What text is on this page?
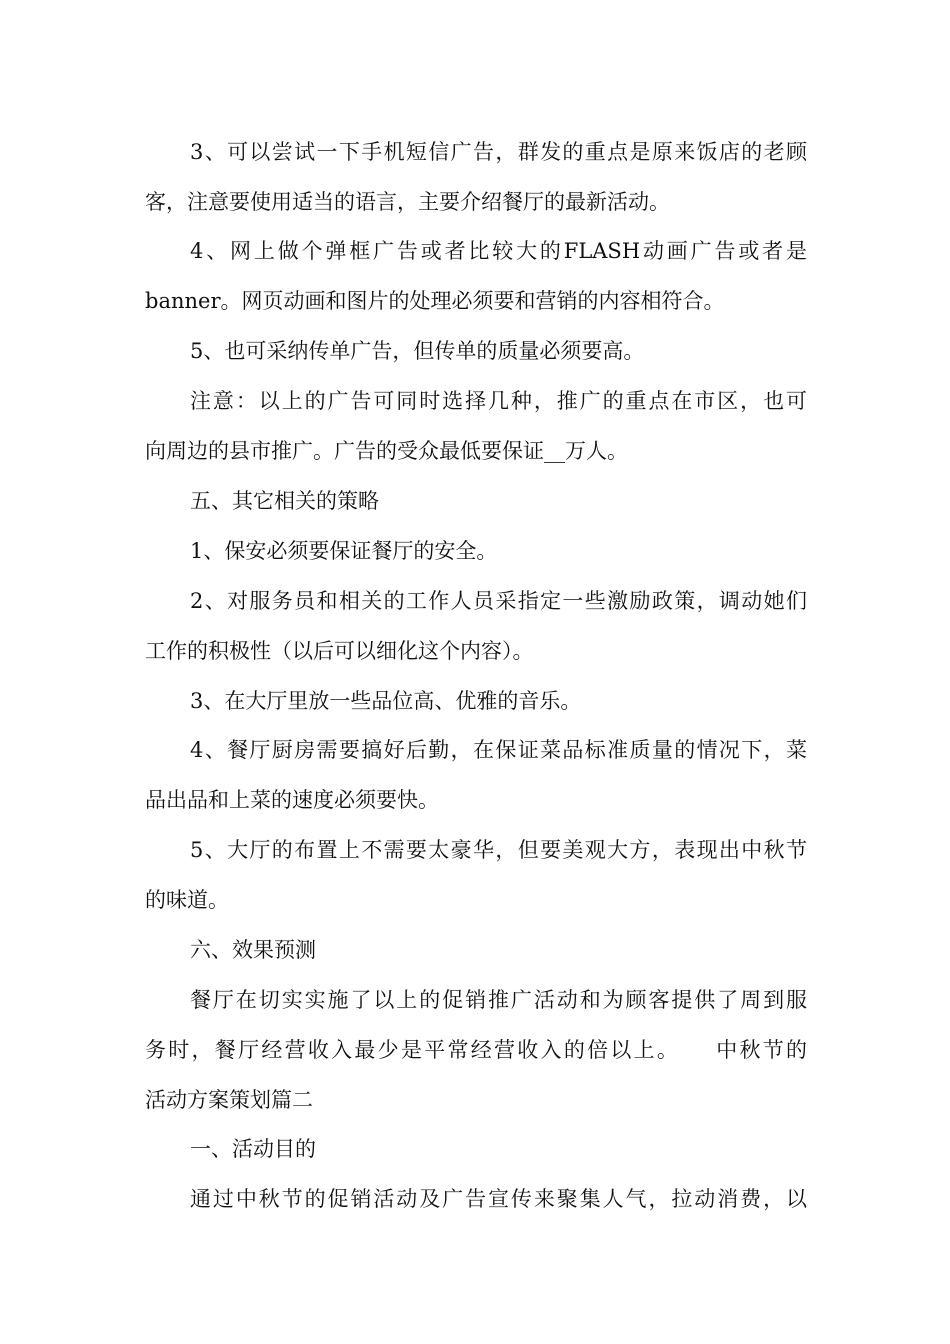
3、可以尝试一下手机短信广告，群发的重点是原来饭店的老顾
客，注意要使用适当的语言，主要介绍餐厅的最新活动。
4、网上做个弹框广告或者比较大的FLASH动画广告或者是
banner。网页动画和图片的处理必须要和营销的内容相符合。
5、也可采纳传单广告，但传单的质量必须要高。
注意：以上的广告可同时选择几种，推广的重点在市区，也可
向周边的县市推广。广告的受众最低要保证__万人。
五、其它相关的策略
1、保安必须要保证餐厅的安全。
2、对服务员和相关的工作人员采指定一些激励政策，调动她们
工作的积极性（以后可以细化这个内容）。
3、在大厅里放一些品位高、优雅的音乐。
4、餐厅厨房需要搞好后勤，在保证菜品标准质量的情况下，菜
品出品和上菜的速度必须要快。
5、大厅的布置上不需要太豪华，但要美观大方，表现出中秋节
的味道。
六、效果预测
餐厅在切实实施了以上的促销推广活动和为顾客提供了周到服
务时，餐厅经营收入最少是平常经营收入的倍以上。　　中秋节的
活动方案策划篇二
一、活动目的
通过中秋节的促销活动及广告宣传来聚集人气，拉动消费，以
